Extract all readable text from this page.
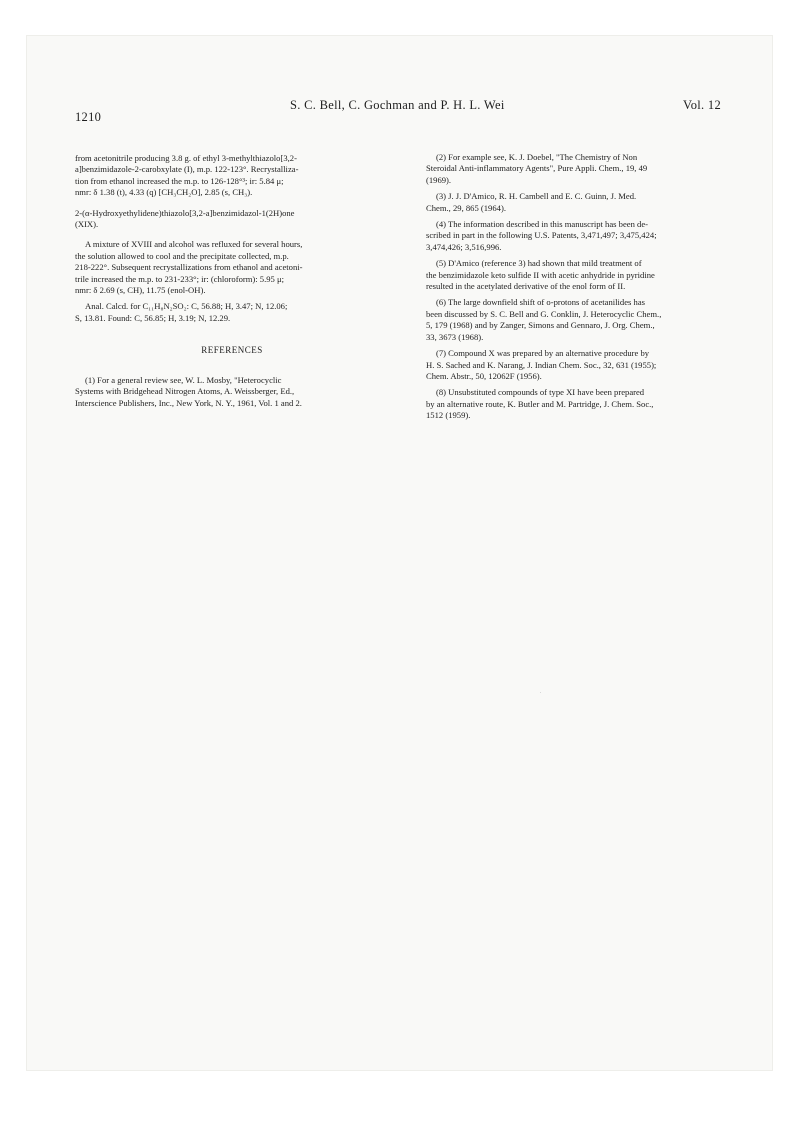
1210
S. C. Bell, C. Gochman and P. H. L. Wei	Vol. 12

from acetonitrile producing 3.8 g. of ethyl 3-methylthiazolo[3,2-
a]benzimidazole-2-carobxylate (I), m.p. 122-123°. Recrystalliza-
tion from ethanol increased the m.p. to 126-128°³; ir: 5.84 μ;
nmr: δ 1.38 (t), 4.33 (q) [CH₃CH₂O], 2.85 (s, CH₃).

2-(α-Hydroxyethylidene)thiazolo[3,2-a]benzimidazol-1(2H)one
(XIX).

A mixture of XVIII and alcohol was refluxed for several hours,
the solution allowed to cool and the precipitate collected, m.p.
218-222°. Subsequent recrystallizations from ethanol and acetoni-
trile increased the m.p. to 231-233°; ir: (chloroform): 5.95 μ;
nmr: δ 2.69 (s, CH), 11.75 (enol-OH).

Anal. Calcd. for C₁₁H₈N₂SO₂: C, 56.88; H, 3.47; N, 12.06;
S, 13.81. Found: C, 56.85; H, 3.19; N, 12.29.

REFERENCES

(1) For a general review see, W. L. Mosby, "Heterocyclic
Systems with Bridgehead Nitrogen Atoms, A. Weissberger, Ed.,
Interscience Publishers, Inc., New York, N. Y., 1961, Vol. 1 and 2.

(2) For example see, K. J. Doebel, "The Chemistry of Non
Steroidal Anti-inflammatory Agents", Pure Appli. Chem., 19, 49
(1969).

(3) J. J. D'Amico, R. H. Cambell and E. C. Guinn, J. Med.
Chem., 29, 865 (1964).

(4) The information described in this manuscript has been de-
scribed in part in the following U.S. Patents, 3,471,497; 3,475,424;
3,474,426; 3,516,996.

(5) D'Amico (reference 3) had shown that mild treatment of
the benzimidazole keto sulfide II with acetic anhydride in pyridine
resulted in the acetylated derivative of the enol form of II.

(6) The large downfield shift of o-protons of acetanilides has
been discussed by S. C. Bell and G. Conklin, J. Heterocyclic Chem.,
5, 179 (1968) and by Zanger, Simons and Gennaro, J. Org. Chem.,
33, 3673 (1968).

(7) Compound X was prepared by an alternative procedure by
H. S. Sached and K. Narang, J. Indian Chem. Soc., 32, 631 (1955);
Chem. Abstr., 50, 12062F (1956).

(8) Unsubstituted compounds of type XI have been prepared
by an alternative route, K. Butler and M. Partridge, J. Chem. Soc.,
1512 (1959).
